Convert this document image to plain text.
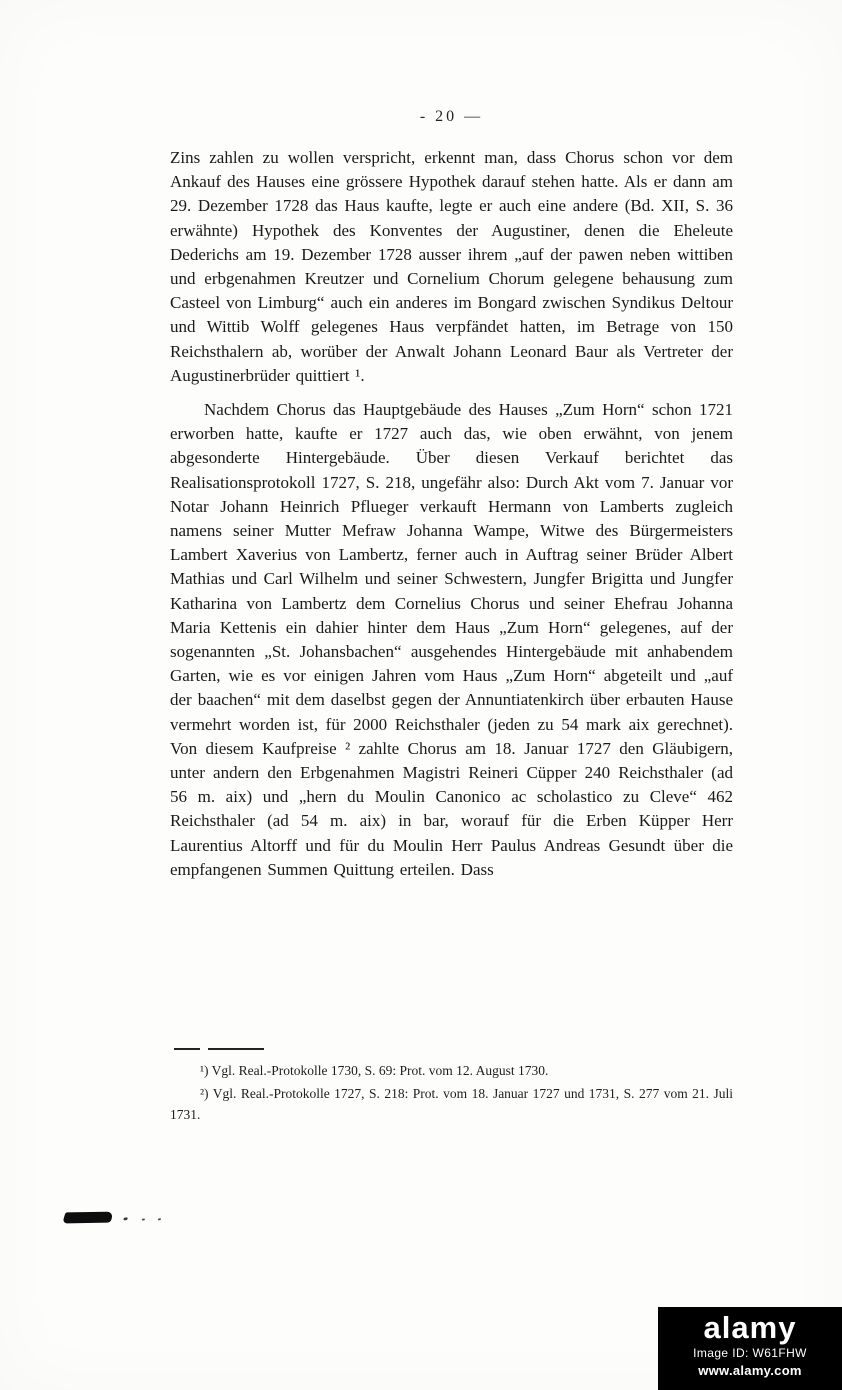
- 20 —

Zins zahlen zu wollen verspricht, erkennt man, dass Chorus schon vor dem Ankauf des Hauses eine grössere Hypothek darauf stehen hatte. Als er dann am 29. Dezember 1728 das Haus kaufte, legte er auch eine andere (Bd. XII, S. 36 erwähnte) Hypothek des Konventes der Augustiner, denen die Eheleute Dederichs am 19. Dezember 1728 ausser ihrem „auf der pawen neben wittiben und erbgenahmen Kreutzer und Cornelium Chorum gelegene behausung zum Casteel von Limburg“ auch ein anderes im Bongard zwischen Syndikus Deltour und Wittib Wolff gelegenes Haus verpfändet hatten, im Betrage von 150 Reichsthalern ab, worüber der Anwalt Johann Leonard Baur als Vertreter der Augustinerbrüder quittiert ¹.

Nachdem Chorus das Hauptgebäude des Hauses „Zum Horn“ schon 1721 erworben hatte, kaufte er 1727 auch das, wie oben erwähnt, von jenem abgesonderte Hintergebäude. Über diesen Verkauf berichtet das Realisationsprotokoll 1727, S. 218, ungefähr also: Durch Akt vom 7. Januar vor Notar Johann Heinrich Pflueger verkauft Hermann von Lamberts zugleich namens seiner Mutter Mefraw Johanna Wampe, Witwe des Bürgermeisters Lambert Xaverius von Lambertz, ferner auch in Auftrag seiner Brüder Albert Mathias und Carl Wilhelm und seiner Schwestern, Jungfer Brigitta und Jungfer Katharina von Lambertz dem Cornelius Chorus und seiner Ehefrau Johanna Maria Kettenis ein dahier hinter dem Haus „Zum Horn“ gelegenes, auf der sogenannten „St. Johansbachen“ ausgehendes Hintergebäude mit anhabendem Garten, wie es vor einigen Jahren vom Haus „Zum Horn“ abgeteilt und „auf der baachen“ mit dem daselbst gegen der Annuntiatenkirch über erbauten Hause vermehrt worden ist, für 2000 Reichsthaler (jeden zu 54 mark aix gerechnet). Von diesem Kaufpreise ² zahlte Chorus am 18. Januar 1727 den Gläubigern, unter andern den Erbgenahmen Magistri Reineri Cüpper 240 Reichsthaler (ad 56 m. aix) und „hern du Moulin Canonico ac scholastico zu Cleve“ 462 Reichsthaler (ad 54 m. aix) in bar, worauf für die Erben Küpper Herr Laurentius Altorff und für du Moulin Herr Paulus Andreas Gesundt über die empfangenen Summen Quittung erteilen. Dass

¹) Vgl. Real.-Protokolle 1730, S. 69: Prot. vom 12. August 1730.

²) Vgl. Real.-Protokolle 1727, S. 218: Prot. vom 18. Januar 1727 und 1731, S. 277 vom 21. Juli 1731.

alamy
Image ID: W61FHW
www.alamy.com
